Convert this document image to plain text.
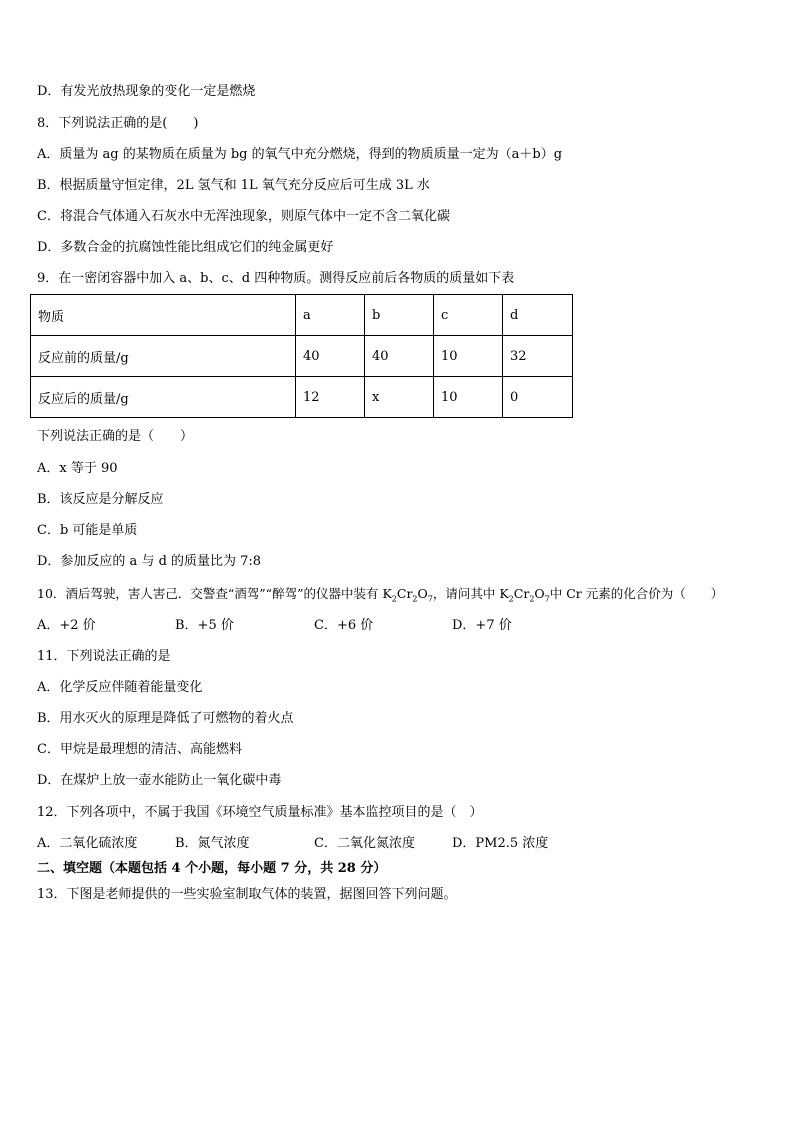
D．有发光放热现象的变化一定是燃烧
8．下列说法正确的是(　　)
A．质量为 ag 的某物质在质量为 bg 的氧气中充分燃烧，得到的物质质量一定为（a＋b）g
B．根据质量守恒定律，2L 氢气和 1L 氧气充分反应后可生成 3L 水
C．将混合气体通入石灰水中无浑浊现象，则原气体中一定不含二氧化碳
D．多数合金的抗腐蚀性能比组成它们的纯金属更好
9．在一密闭容器中加入 a、b、c、d 四种物质。测得反应前后各物质的质量如下表
物质	a	b	c	d
反应前的质量/g	40	40	10	32
反应后的质量/g	12	x	10	0
下列说法正确的是（　　）
A．x 等于 90
B．该反应是分解反应
C．b 可能是单质
D．参加反应的 a 与 d 的质量比为 7:8
10．酒后驾驶，害人害己．交警查“酒驾”“醉驾”的仪器中装有 $K_2Cr_2O_7$，请问其中 $K_2Cr_2O_7$中 Cr 元素的化合价为（　　）
A．+2 价	B．+5 价	C．+6 价	D．+7 价
11．下列说法正确的是
A．化学反应伴随着能量变化
B．用水灭火的原理是降低了可燃物的着火点
C．甲烷是最理想的清洁、高能燃料
D．在煤炉上放一壶水能防止一氧化碳中毒
12．下列各项中，不属于我国《环境空气质量标准》基本监控项目的是（　）
A．二氧化硫浓度	B．氮气浓度	C．二氧化氮浓度	D．PM2.5 浓度
二、填空题（本题包括 4 个小题，每小题 7 分，共 28 分）
13．下图是老师提供的一些实验室制取气体的装置，据图回答下列问题。
